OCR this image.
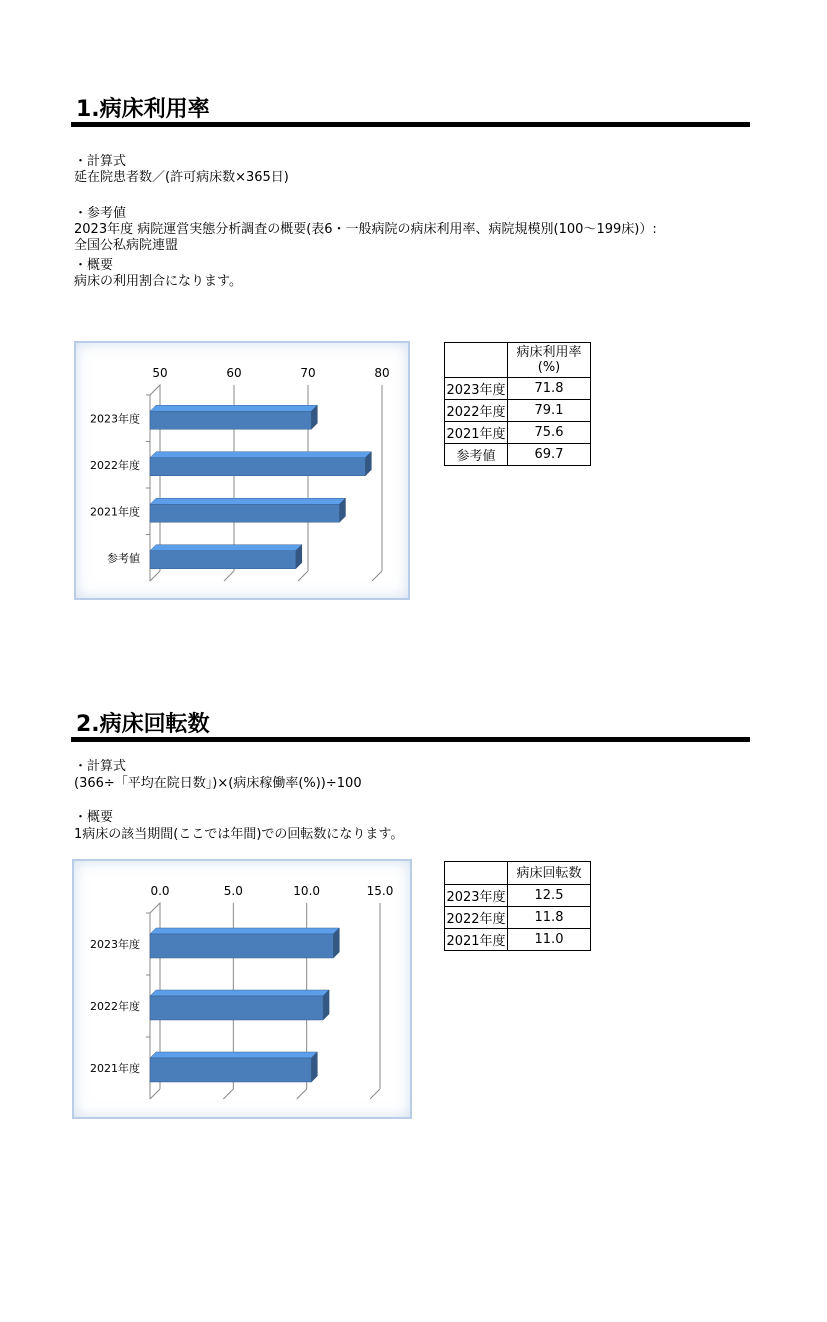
1.病床利用率
・計算式
延在院患者数／(許可病床数×365日)
・参考値
2023年度 病院運営実態分析調査の概要(表6・一般病院の病床利用率、病院規模別(100～199床)）:
全国公私病院連盟
・概要
病床の利用割合になります。
50	60	70	80
2023年度
2022年度
2021年度
参考値

	病床利用率
(%)

2023年度	71.8
2022年度	79.1
2021年度	75.6
参考値	69.7
2.病床回転数
・計算式
(366÷「平均在院日数」)×(病床稼働率(%))÷100
・概要
1病床の該当期間(ここでは年間)での回転数になります。
0.0	5.0	10.0	15.0
2023年度
2022年度
2021年度
	病床回転数
2023年度	12.5
2022年度	11.8
2021年度	11.0
